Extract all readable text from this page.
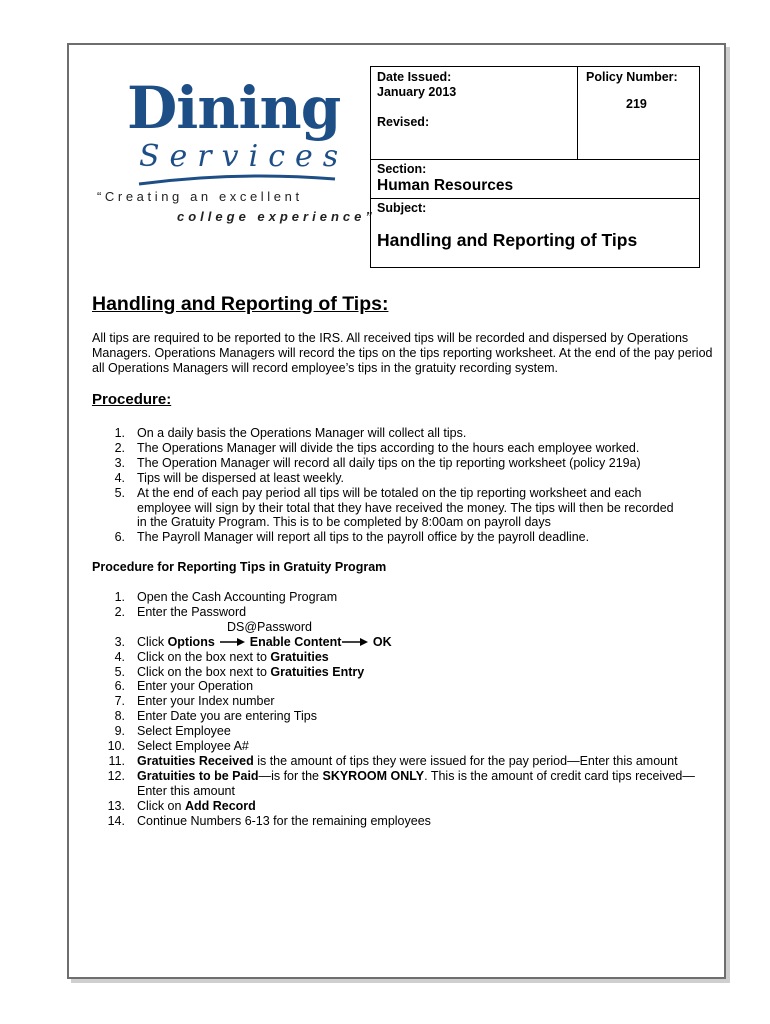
Dining
Services
“Creating an excellent
college experience”
Date Issued:
January 2013
Revised:
Policy Number:
219
Section:
Human Resources
Subject:
Handling and Reporting of Tips
Handling and Reporting of Tips:
All tips are required to be reported to the IRS. All received tips will be recorded and dispersed by Operations
Managers. Operations Managers will record the tips on the tips reporting worksheet. At the end of the pay period
all Operations Managers will record employee’s tips in the gratuity recording system.
Procedure:
1. On a daily basis the Operations Manager will collect all tips.
2. The Operations Manager will divide the tips according to the hours each employee worked.
3. The Operation Manager will record all daily tips on the tip reporting worksheet (policy 219a)
4. Tips will be dispersed at least weekly.
5. At the end of each pay period all tips will be totaled on the tip reporting worksheet and each
employee will sign by their total that they have received the money. The tips will then be recorded
in the Gratuity Program. This is to be completed by 8:00am on payroll days
6. The Payroll Manager will report all tips to the payroll office by the payroll deadline.
Procedure for Reporting Tips in Gratuity Program
1. Open the Cash Accounting Program
2. Enter the Password
DS@Password
3. Click Options	Enable Content	OK
4. Click on the box next to Gratuities
5. Click on the box next to Gratuities Entry
6. Enter your Operation
7. Enter your Index number
8. Enter Date you are entering Tips
9. Select Employee
10. Select Employee A#
11. Gratuities Received is the amount of tips they were issued for the pay period—Enter this amount
12. Gratuities to be Paid—is for the SKYROOM ONLY. This is the amount of credit card tips received—
Enter this amount
13. Click on Add Record
14. Continue Numbers 6-13 for the remaining employees
